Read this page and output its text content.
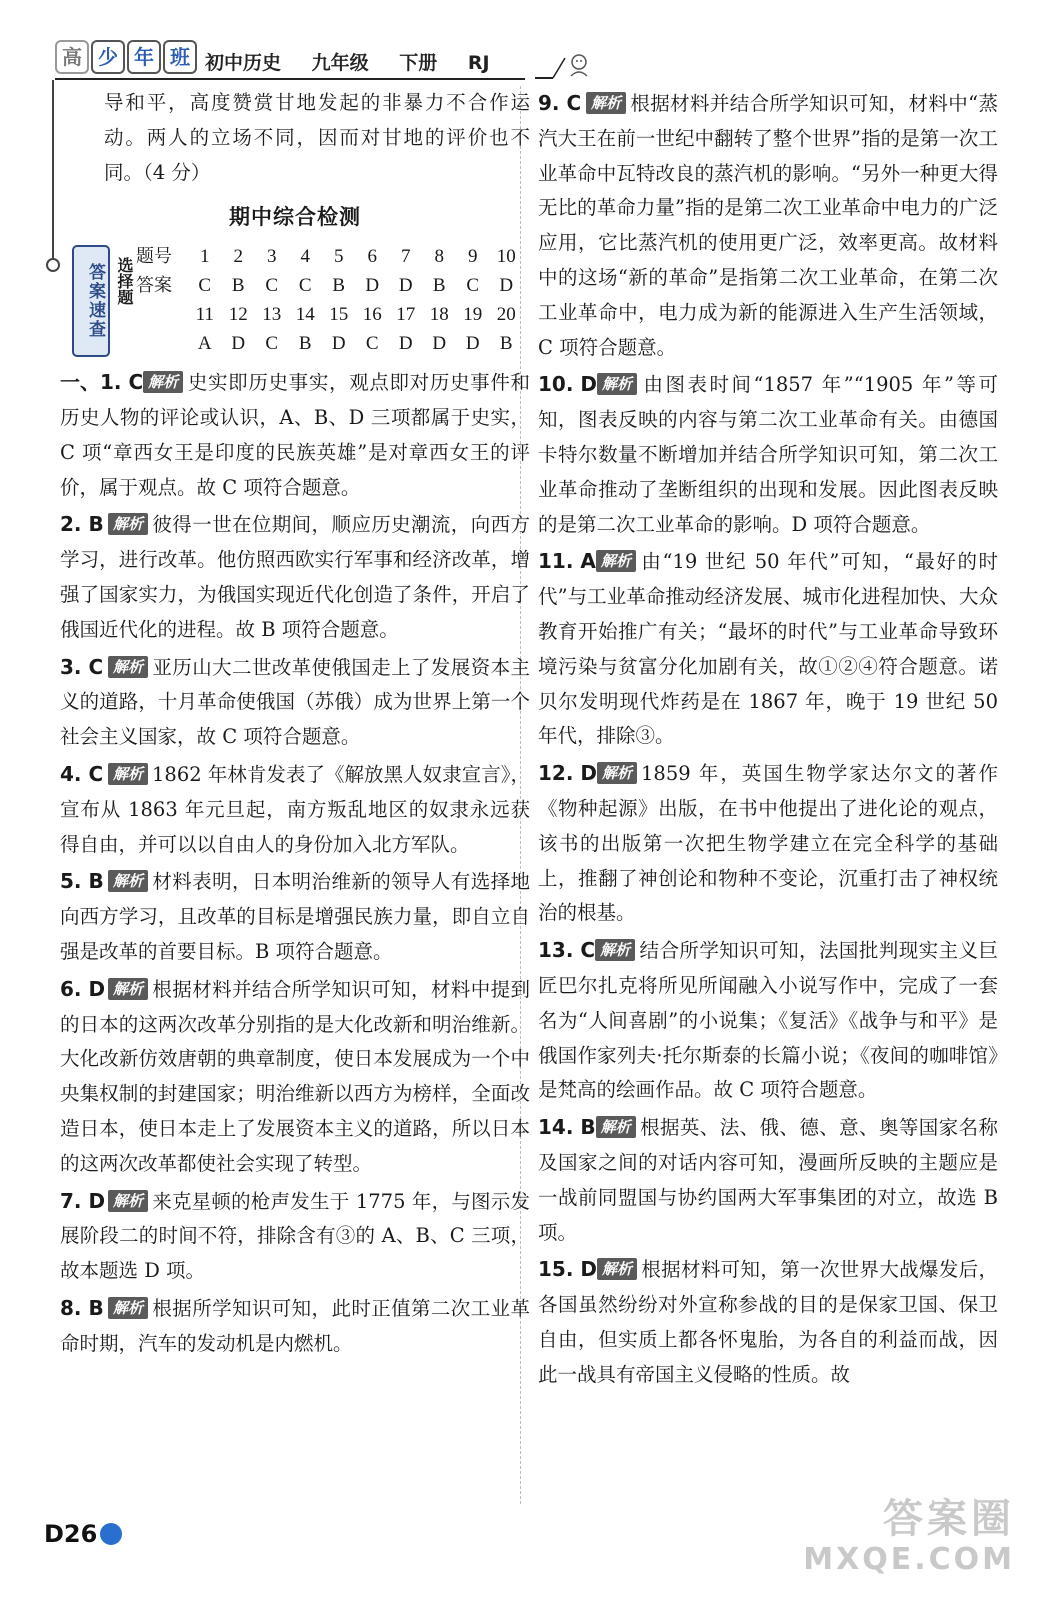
高 少 年 班 初中历史 九年级 下册 RJ

导和平，高度赞赏甘地发起的非暴力不合作运动。两人的立场不同，因而对甘地的评价也不同。（4 分）

期中综合检测
答案速查 选择题
题号	1	2	3	4	5	6	7	8	9	10
答案	C	B	C	C	B	D	D	B	C	D
11 12 13 14 15 16 17 18 19 20
A	D	C	B	D	C	D	D	D	B

一、1. C 解析 史实即历史事实，观点即对历史事件和历史人物的评论或认识，A、B、D 三项都属于史实，C 项“章西女王是印度的民族英雄”是对章西女王的评价，属于观点。故 C 项符合题意。

2. B 解析 彼得一世在位期间，顺应历史潮流，向西方学习，进行改革。他仿照西欧实行军事和经济改革，增强了国家实力，为俄国实现近代化创造了条件，开启了俄国近代化的进程。故 B 项符合题意。

3. C 解析 亚历山大二世改革使俄国走上了发展资本主义的道路，十月革命使俄国（苏俄）成为世界上第一个社会主义国家，故 C 项符合题意。

4. C 解析 1862 年林肯发表了《解放黑人奴隶宣言》，宣布从 1863 年元旦起，南方叛乱地区的奴隶永远获得自由，并可以以自由人的身份加入北方军队。

5. B 解析 材料表明，日本明治维新的领导人有选择地向西方学习，且改革的目标是增强民族力量，即自立自强是改革的首要目标。B 项符合题意。

6. D 解析 根据材料并结合所学知识可知，材料中提到的日本的这两次改革分别指的是大化改新和明治维新。大化改新仿效唐朝的典章制度，使日本发展成为一个中央集权制的封建国家；明治维新以西方为榜样，全面改造日本，使日本走上了发展资本主义的道路，所以日本的这两次改革都使社会实现了转型。

7. D 解析 来克星顿的枪声发生于 1775 年，与图示发展阶段二的时间不符，排除含有③的 A、B、C 三项，故本题选 D 项。

8. B 解析 根据所学知识可知，此时正值第二次工业革命时期，汽车的发动机是内燃机。

9. C 解析 根据材料并结合所学知识可知，材料中“蒸汽大王在前一世纪中翻转了整个世界”指的是第一次工业革命中瓦特改良的蒸汽机的影响。“另外一种更大得无比的革命力量”指的是第二次工业革命中电力的广泛应用，它比蒸汽机的使用更广泛，效率更高。故材料中的这场“新的革命”是指第二次工业革命，在第二次工业革命中，电力成为新的能源进入生产生活领域，C 项符合题意。

10. D 解析 由图表时间“1857 年”“1905 年”等可知，图表反映的内容与第二次工业革命有关。由德国卡特尔数量不断增加并结合所学知识可知，第二次工业革命推动了垄断组织的出现和发展。因此图表反映的是第二次工业革命的影响。D 项符合题意。

11. A 解析 由“19 世纪 50 年代”可知，“最好的时代”与工业革命推动经济发展、城市化进程加快、大众教育开始推广有关；“最坏的时代”与工业革命导致环境污染与贫富分化加剧有关，故①②④符合题意。诺贝尔发明现代炸药是在 1867 年，晚于 19 世纪 50 年代，排除③。

12. D 解析 1859 年，英国生物学家达尔文的著作《物种起源》出版，在书中他提出了进化论的观点，该书的出版第一次把生物学建立在完全科学的基础上，推翻了神创论和物种不变论，沉重打击了神权统治的根基。

13. C 解析 结合所学知识可知，法国批判现实主义巨匠巴尔扎克将所见所闻融入小说写作中，完成了一套名为“人间喜剧”的小说集；《复活》《战争与和平》是俄国作家列夫·托尔斯泰的长篇小说；《夜间的咖啡馆》是梵高的绘画作品。故 C 项符合题意。

14. B 解析 根据英、法、俄、德、意、奥等国家名称及国家之间的对话内容可知，漫画所反映的主题应是一战前同盟国与协约国两大军事集团的对立，故选 B 项。

15. D 解析 根据材料可知，第一次世界大战爆发后，各国虽然纷纷对外宣称参战的目的是保家卫国、保卫自由，但实质上都各怀鬼胎，为各自的利益而战，因此一战具有帝国主义侵略的性质。故

D26	答案圈
MXQE.COM
